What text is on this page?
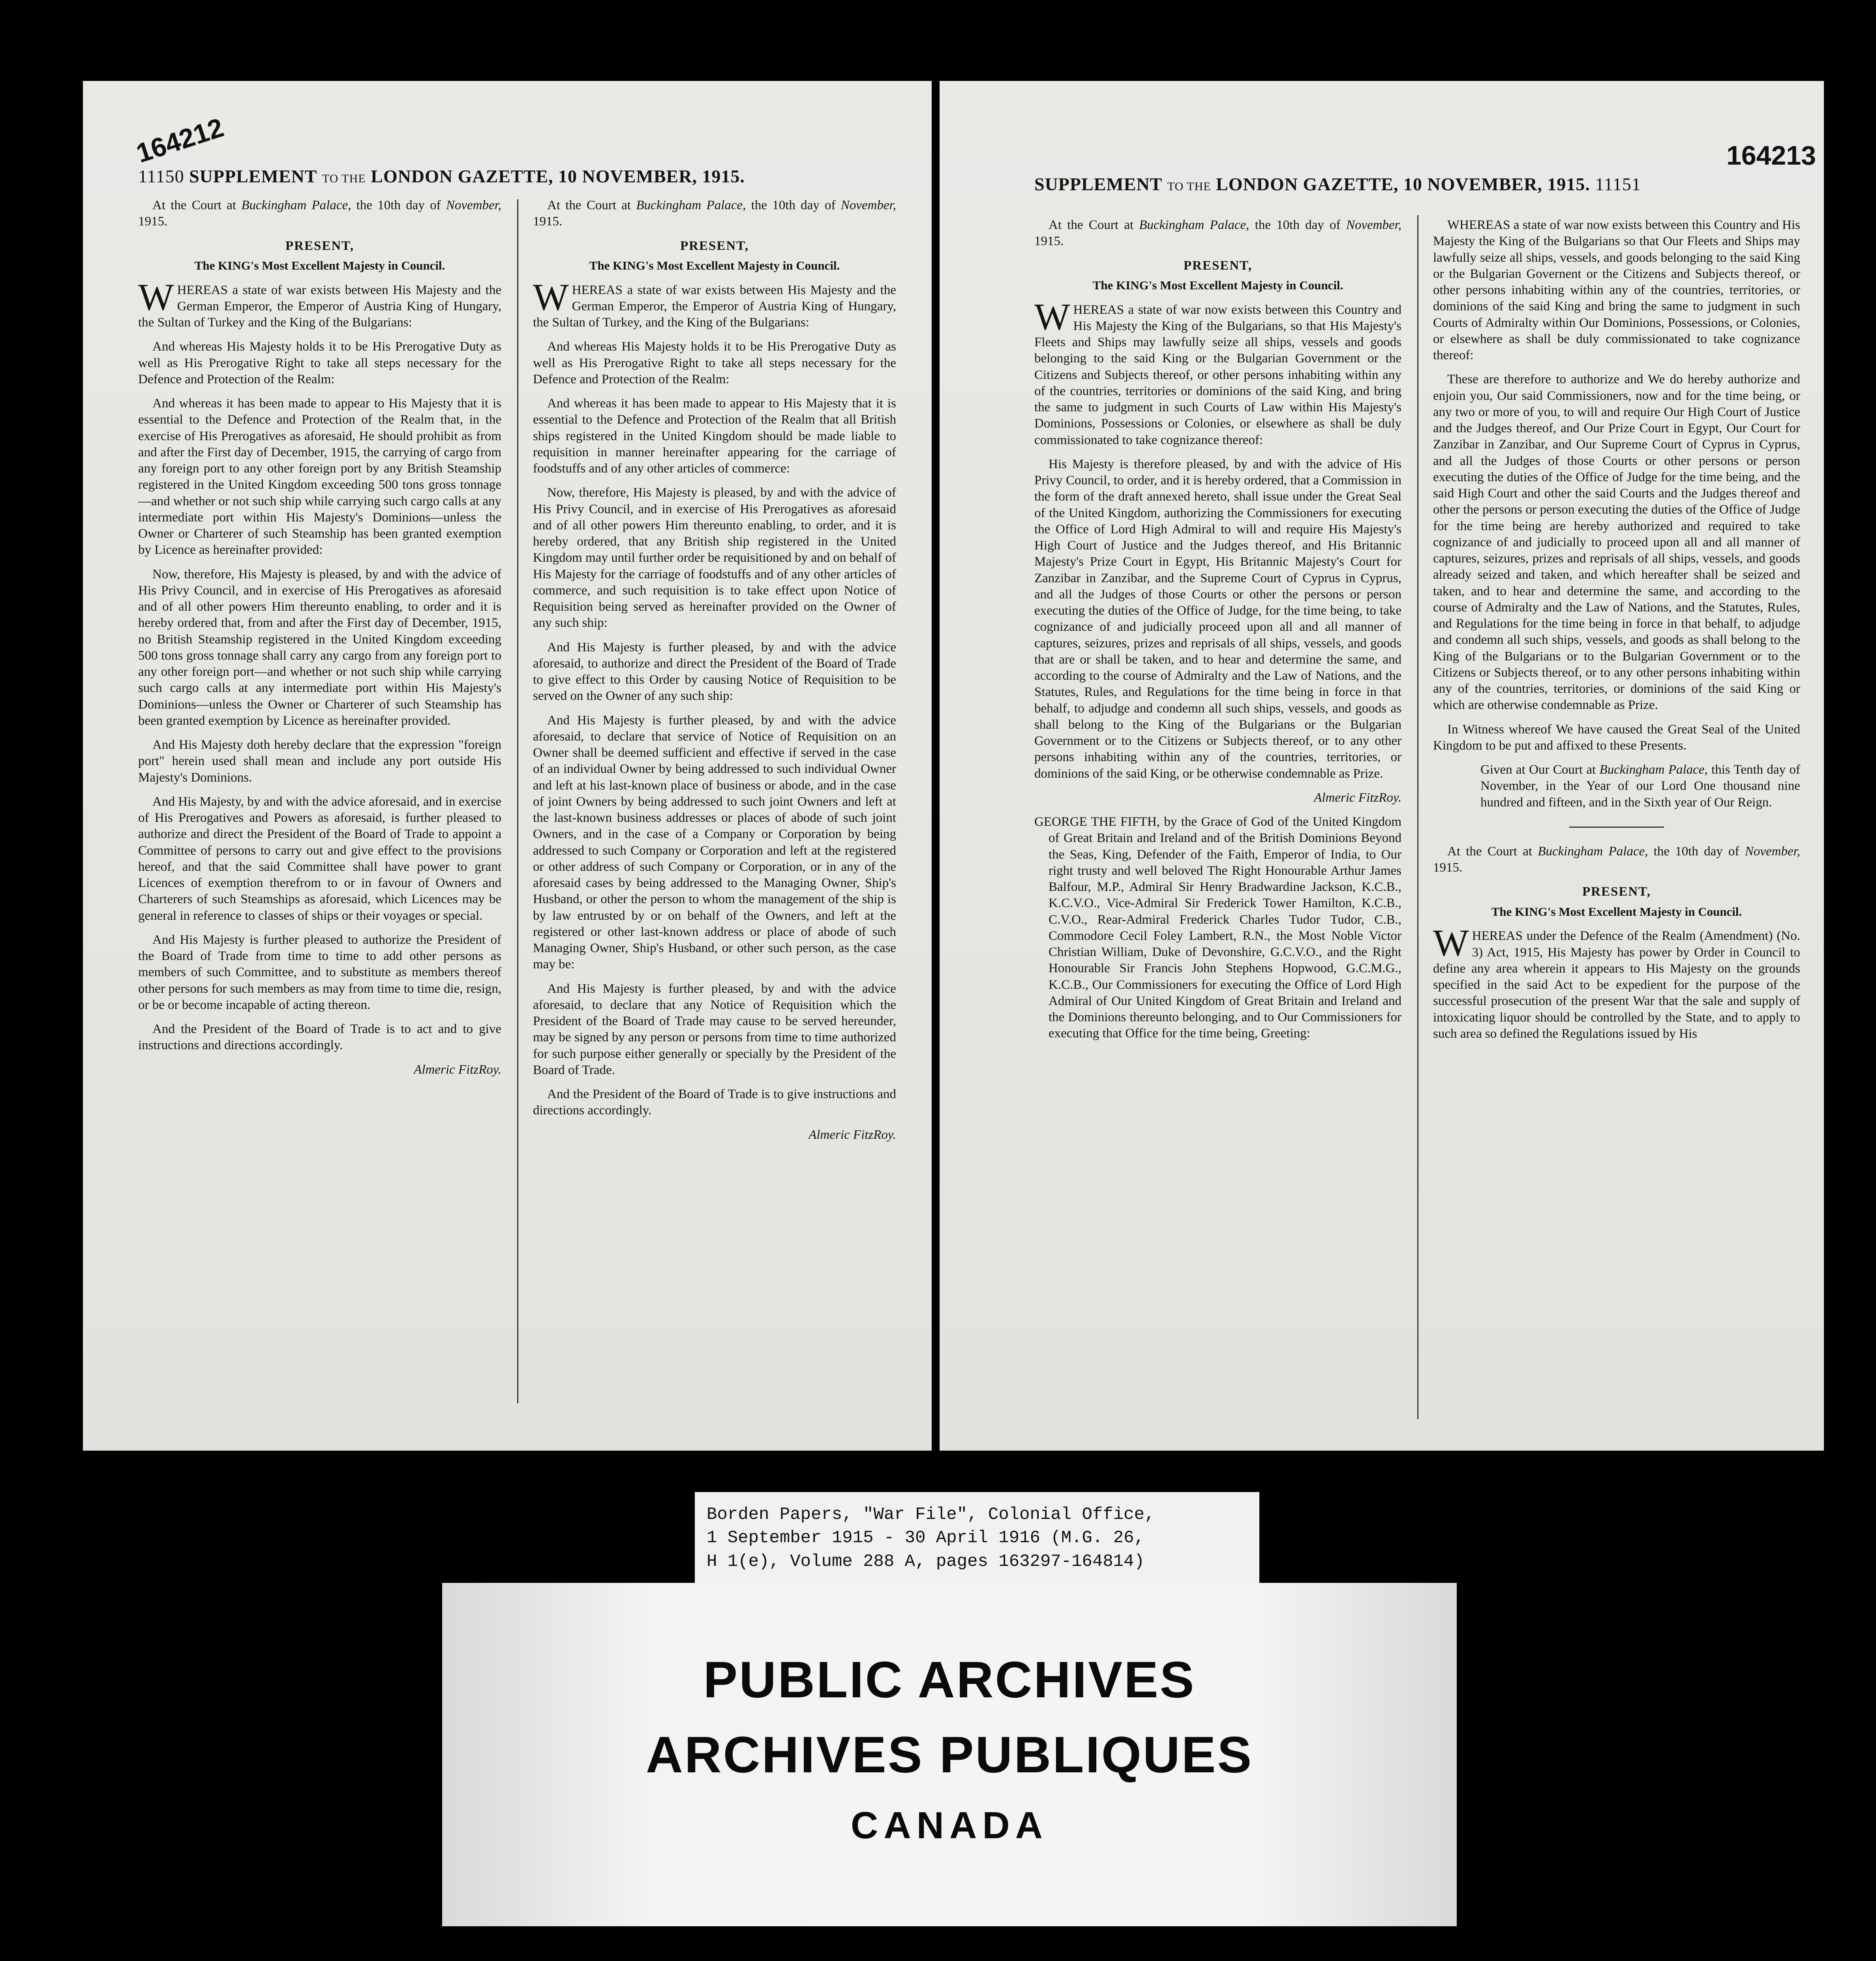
164212
11150 SUPPLEMENT TO THE LONDON GAZETTE, 10 NOVEMBER, 1915.

At the Court at Buckingham Palace, the 10th day of November, 1915.

PRESENT,
The KING's Most Excellent Majesty in Council.

WHEREAS a state of war exists between His Majesty and the German Emperor, the Emperor of Austria King of Hungary, the Sultan of Turkey and the King of the Bulgarians:

And whereas His Majesty holds it to be His Prerogative Duty as well as His Prerogative Right to take all steps necessary for the Defence and Protection of the Realm:

And whereas it has been made to appear to His Majesty that it is essential to the Defence and Protection of the Realm that, in the exercise of His Prerogatives as aforesaid, He should prohibit as from and after the First day of December, 1915, the carrying of cargo from any foreign port to any other foreign port by any British Steamship registered in the United Kingdom exceeding 500 tons gross tonnage—and whether or not such ship while carrying such cargo calls at any intermediate port within His Majesty's Dominions—unless the Owner or Charterer of such Steamship has been granted exemption by Licence as hereinafter provided:

Now, therefore, His Majesty is pleased, by and with the advice of His Privy Council, and in exercise of His Prerogatives as aforesaid and of all other powers Him thereunto enabling, to order and it is hereby ordered that, from and after the First day of December, 1915, no British Steamship registered in the United Kingdom exceeding 500 tons gross tonnage shall carry any cargo from any foreign port to any other foreign port—and whether or not such ship while carrying such cargo calls at any intermediate port within His Majesty's Dominions—unless the Owner or Charterer of such Steamship has been granted exemption by Licence as hereinafter provided.

And His Majesty doth hereby declare that the expression "foreign port" herein used shall mean and include any port outside His Majesty's Dominions.

And His Majesty, by and with the advice aforesaid, and in exercise of His Prerogatives and Powers as aforesaid, is further pleased to authorize and direct the President of the Board of Trade to appoint a Committee of persons to carry out and give effect to the provisions hereof, and that the said Committee shall have power to grant Licences of exemption therefrom to or in favour of Owners and Charterers of such Steamships as aforesaid, which Licences may be general in reference to classes of ships or their voyages or special.

And His Majesty is further pleased to authorize the President of the Board of Trade from time to time to add other persons as members of such Committee, and to substitute as members thereof other persons for such members as may from time to time die, resign, or be or become incapable of acting thereon.

And the President of the Board of Trade is to act and to give instructions and directions accordingly.

Almeric FitzRoy.

At the Court at Buckingham Palace, the 10th day of November, 1915.

PRESENT,
The KING's Most Excellent Majesty in Council.

WHEREAS a state of war exists between His Majesty and the German Emperor, the Emperor of Austria King of Hungary, the Sultan of Turkey, and the King of the Bulgarians:

And whereas His Majesty holds it to be His Prerogative Duty as well as His Prerogative Right to take all steps necessary for the Defence and Protection of the Realm:

And whereas it has been made to appear to His Majesty that it is essential to the Defence and Protection of the Realm that all British ships registered in the United Kingdom should be made liable to requisition in manner hereinafter appearing for the carriage of foodstuffs and of any other articles of commerce:

Now, therefore, His Majesty is pleased, by and with the advice of His Privy Council, and in exercise of His Prerogatives as aforesaid and of all other powers Him thereunto enabling, to order, and it is hereby ordered, that any British ship registered in the United Kingdom may until further order be requisitioned by and on behalf of His Majesty for the carriage of foodstuffs and of any other articles of commerce, and such requisition is to take effect upon Notice of Requisition being served as hereinafter provided on the Owner of any such ship:

And His Majesty is further pleased, by and with the advice aforesaid, to authorize and direct the President of the Board of Trade to give effect to this Order by causing Notice of Requisition to be served on the Owner of any such ship:

And His Majesty is further pleased, by and with the advice aforesaid, to declare that service of Notice of Requisition on an Owner shall be deemed sufficient and effective if served in the case of an individual Owner by being addressed to such individual Owner and left at his last-known place of business or abode, and in the case of joint Owners by being addressed to such joint Owners and left at the last-known business addresses or places of abode of such joint Owners, and in the case of a Company or Corporation by being addressed to such Company or Corporation and left at the registered or other address of such Company or Corporation, or in any of the aforesaid cases by being addressed to the Managing Owner, Ship's Husband, or other the person to whom the management of the ship is by law entrusted by or on behalf of the Owners, and left at the registered or other last-known address or place of abode of such Managing Owner, Ship's Husband, or other such person, as the case may be:

And His Majesty is further pleased, by and with the advice aforesaid, to declare that any Notice of Requisition which the President of the Board of Trade may cause to be served hereunder, may be signed by any person or persons from time to time authorized for such purpose either generally or specially by the President of the Board of Trade.

And the President of the Board of Trade is to give instructions and directions accordingly.

Almeric FitzRoy.

164213
SUPPLEMENT TO THE LONDON GAZETTE, 10 NOVEMBER, 1915. 11151

At the Court at Buckingham Palace, the 10th day of November, 1915.

PRESENT,
The KING's Most Excellent Majesty in Council.

WHEREAS a state of war now exists between this Country and His Majesty the King of the Bulgarians, so that His Majesty's Fleets and Ships may lawfully seize all ships, vessels and goods belonging to the said King or the Bulgarian Government or the Citizens and Subjects thereof, or other persons inhabiting within any of the countries, territories or dominions of the said King, and bring the same to judgment in such Courts of Law within His Majesty's Dominions, Possessions or Colonies, or elsewhere as shall be duly commissionated to take cognizance thereof:

His Majesty is therefore pleased, by and with the advice of His Privy Council, to order, and it is hereby ordered, that a Commission in the form of the draft annexed hereto, shall issue under the Great Seal of the United Kingdom, authorizing the Commissioners for executing the Office of Lord High Admiral to will and require His Majesty's High Court of Justice and the Judges thereof, and His Britannic Majesty's Prize Court in Egypt, His Britannic Majesty's Court for Zanzibar in Zanzibar, and the Supreme Court of Cyprus in Cyprus, and all the Judges of those Courts or other the persons or person executing the duties of the Office of Judge, for the time being, to take cognizance of and judicially proceed upon all and all manner of captures, seizures, prizes and reprisals of all ships, vessels, and goods that are or shall be taken, and to hear and determine the same, and according to the course of Admiralty and the Law of Nations, and the Statutes, Rules, and Regulations for the time being in force in that behalf, to adjudge and condemn all such ships, vessels, and goods as shall belong to the King of the Bulgarians or the Bulgarian Government or to the Citizens or Subjects thereof, or to any other persons inhabiting within any of the countries, territories, or dominions of the said King, or be otherwise condemnable as Prize.

Almeric FitzRoy.

GEORGE THE FIFTH, by the Grace of God of the United Kingdom of Great Britain and Ireland and of the British Dominions Beyond the Seas, King, Defender of the Faith, Emperor of India, to Our right trusty and well beloved The Right Honourable Arthur James Balfour, M.P., Admiral Sir Henry Bradwardine Jackson, K.C.B., K.C.V.O., Vice-Admiral Sir Frederick Tower Hamilton, K.C.B., C.V.O., Rear-Admiral Frederick Charles Tudor Tudor, C.B., Commodore Cecil Foley Lambert, R.N., the Most Noble Victor Christian William, Duke of Devonshire, G.C.V.O., and the Right Honourable Sir Francis John Stephens Hopwood, G.C.M.G., K.C.B., Our Commissioners for executing the Office of Lord High Admiral of Our United Kingdom of Great Britain and Ireland and the Dominions thereunto belonging, and to Our Commissioners for executing that Office for the time being, Greeting:

WHEREAS a state of war now exists between this Country and His Majesty the King of the Bulgarians so that Our Fleets and Ships may lawfully seize all ships, vessels, and goods belonging to the said King or the Bulgarian Governent or the Citizens and Subjects thereof, or other persons inhabiting within any of the countries, territories, or dominions of the said King and bring the same to judgment in such Courts of Admiralty within Our Dominions, Possessions, or Colonies, or elsewhere as shall be duly commissionated to take cognizance thereof:

These are therefore to authorize and We do hereby authorize and enjoin you, Our said Commissioners, now and for the time being, or any two or more of you, to will and require Our High Court of Justice and the Judges thereof, and Our Prize Court in Egypt, Our Court for Zanzibar in Zanzibar, and Our Supreme Court of Cyprus in Cyprus, and all the Judges of those Courts or other persons or person executing the duties of the Office of Judge for the time being, and the said High Court and other the said Courts and the Judges thereof and other the persons or person executing the duties of the Office of Judge for the time being are hereby authorized and required to take cognizance of and judicially to proceed upon all and all manner of captures, seizures, prizes and reprisals of all ships, vessels, and goods already seized and taken, and which hereafter shall be seized and taken, and to hear and determine the same, and according to the course of Admiralty and the Law of Nations, and the Statutes, Rules, and Regulations for the time being in force in that behalf, to adjudge and condemn all such ships, vessels, and goods as shall belong to the King of the Bulgarians or to the Bulgarian Government or to the Citizens or Subjects thereof, or to any other persons inhabiting within any of the countries, territories, or dominions of the said King or which are otherwise condemnable as Prize.

In Witness whereof We have caused the Great Seal of the United Kingdom to be put and affixed to these Presents.

Given at Our Court at Buckingham Palace, this Tenth day of November, in the Year of our Lord One thousand nine hundred and fifteen, and in the Sixth year of Our Reign.

At the Court at Buckingham Palace, the 10th day of November, 1915.

PRESENT,
The KING's Most Excellent Majesty in Council.

WHEREAS under the Defence of the Realm (Amendment) (No. 3) Act, 1915, His Majesty has power by Order in Council to define any area wherein it appears to His Majesty on the grounds specified in the said Act to be expedient for the purpose of the successful prosecution of the present War that the sale and supply of intoxicating liquor should be controlled by the State, and to apply to such area so defined the Regulations issued by His

Borden Papers, "War File", Colonial Office,
1 September 1915 - 30 April 1916 (M.G. 26,
H 1(e), Volume 288 A, pages 163297-164814)
PUBLIC ARCHIVES
ARCHIVES PUBLIQUES
CANADA
